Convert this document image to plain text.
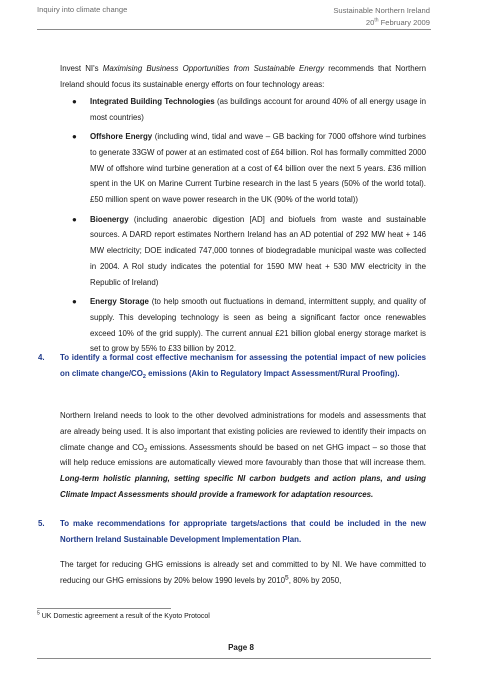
Inquiry into climate change	Sustainable Northern Ireland
20th February 2009
Invest NI's Maximising Business Opportunities from Sustainable Energy recommends that Northern Ireland should focus its sustainable energy efforts on four technology areas:
● Integrated Building Technologies (as buildings account for around 40% of all energy usage in most countries)
● Offshore Energy (including wind, tidal and wave – GB backing for 7000 offshore wind turbines to generate 33GW of power at an estimated cost of £64 billion. RoI has formally committed 2000 MW of offshore wind turbine generation at a cost of €4 billion over the next 5 years. £36 million spent in the UK on Marine Current Turbine research in the last 5 years (50% of the world total). £50 million spent on wave power research in the UK (90% of the world total))
● Bioenergy (including anaerobic digestion [AD] and biofuels from waste and sustainable sources. A DARD report estimates Northern Ireland has an AD potential of 292 MW heat + 146 MW electricity; DOE indicated 747,000 tonnes of biodegradable municipal waste was collected in 2004. A RoI study indicates the potential for 1590 MW heat + 530 MW electricity in the Republic of Ireland)
● Energy Storage (to help smooth out fluctuations in demand, intermittent supply, and quality of supply. This developing technology is seen as being a significant factor once renewables exceed 10% of the grid supply). The current annual £21 billion global energy storage market is set to grow by 55% to £33 billion by 2012.
4.	To identify a formal cost effective mechanism for assessing the potential impact of new policies on climate change/$CO_2$ emissions (Akin to Regulatory Impact Assessment/Rural Proofing).
Northern Ireland needs to look to the other devolved administrations for models and assessments that are already being used. It is also important that existing policies are reviewed to identify their impacts on climate change and $CO_2$ emissions. Assessments should be based on net GHG impact – so those that will help reduce emissions are automatically viewed more favourably than those that will increase them. Long-term holistic planning, setting specific NI carbon budgets and action plans, and using Climate Impact Assessments should provide a framework for adaptation resources.
5.	To make recommendations for appropriate targets/actions that could be included in the new Northern Ireland Sustainable Development Implementation Plan.
The target for reducing GHG emissions is already set and committed to by NI. We have committed to reducing our GHG emissions by 20% below 1990 levels by 2010$^5$, 80% by 2050,
$^5$ UK Domestic agreement a result of the Kyoto Protocol
Page 8
